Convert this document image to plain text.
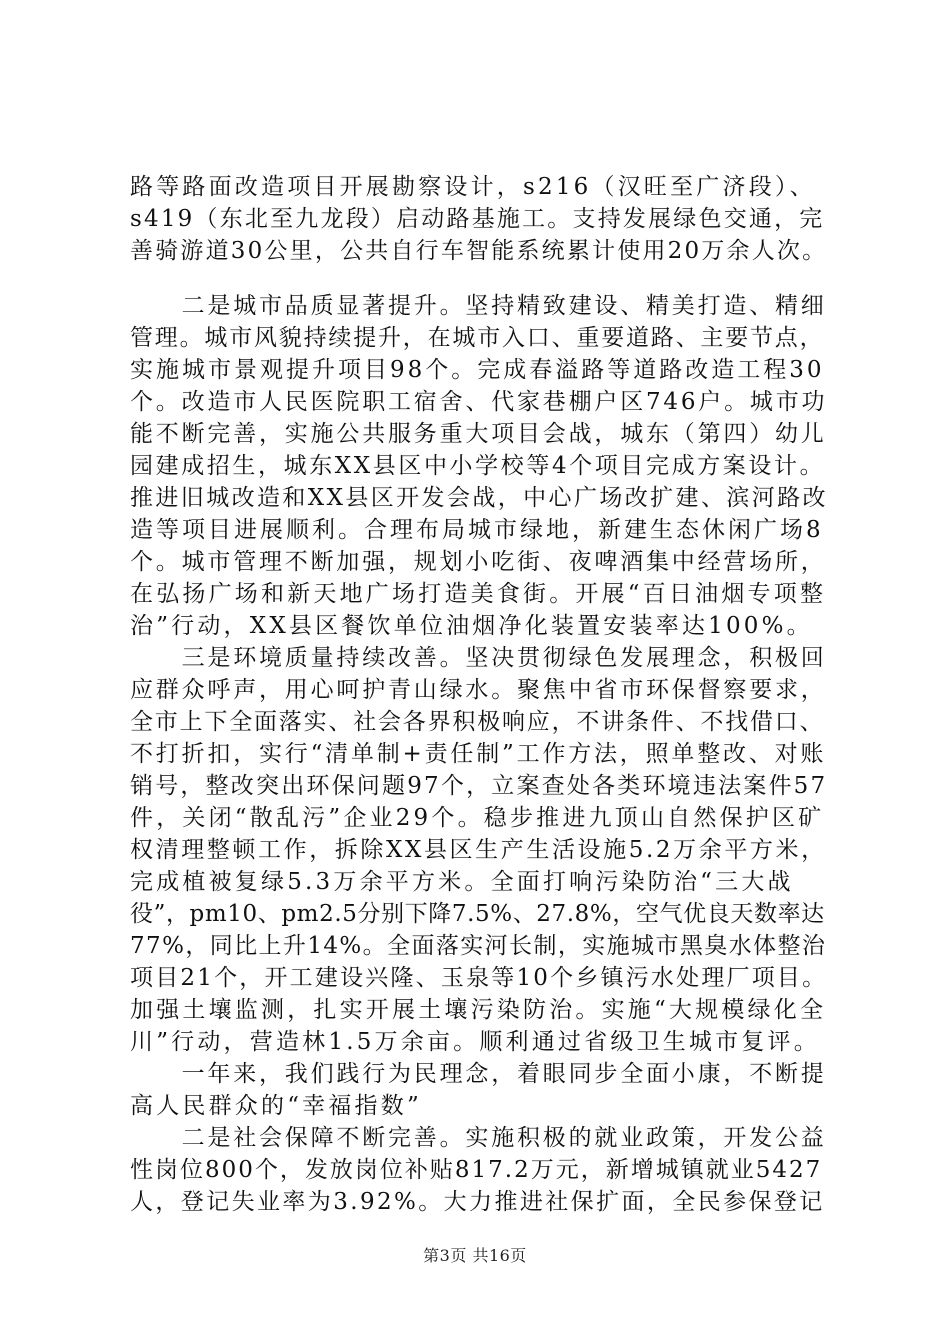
路等路面改造项目开展勘察设计，s216（汉旺至广济段）、
s419（东北至九龙段）启动路基施工。支持发展绿色交通，完
善骑游道30公里，公共自行车智能系统累计使用20万余人次。
　　二是城市品质显著提升。坚持精致建设、精美打造、精细
管理。城市风貌持续提升，在城市入口、重要道路、主要节点，
实施城市景观提升项目98个。完成春溢路等道路改造工程30
个。改造市人民医院职工宿舍、代家巷棚户区746户。城市功
能不断完善，实施公共服务重大项目会战，城东（第四）幼儿
园建成招生，城东XX县区中小学校等4个项目完成方案设计。
推进旧城改造和XX县区开发会战，中心广场改扩建、滨河路改
造等项目进展顺利。合理布局城市绿地，新建生态休闲广场8
个。城市管理不断加强，规划小吃街、夜啤酒集中经营场所，
在弘扬广场和新天地广场打造美食街。开展“百日油烟专项整
治”行动，XX县区餐饮单位油烟净化装置安装率达100%。
　　三是环境质量持续改善。坚决贯彻绿色发展理念，积极回
应群众呼声，用心呵护青山绿水。聚焦中省市环保督察要求，
全市上下全面落实、社会各界积极响应，不讲条件、不找借口、
不打折扣，实行“清单制+责任制”工作方法，照单整改、对账
销号，整改突出环保问题97个，立案查处各类环境违法案件57
件，关闭“散乱污”企业29个。稳步推进九顶山自然保护区矿
权清理整顿工作，拆除XX县区生产生活设施5.2万余平方米，
完成植被复绿5.3万余平方米。全面打响污染防治“三大战
役”，pm10、pm2.5分别下降7.5%、27.8%，空气优良天数率达
77%，同比上升14%。全面落实河长制，实施城市黑臭水体整治
项目21个，开工建设兴隆、玉泉等10个乡镇污水处理厂项目。
加强土壤监测，扎实开展土壤污染防治。实施“大规模绿化全
川”行动，营造林1.5万余亩。顺利通过省级卫生城市复评。
　　一年来，我们践行为民理念，着眼同步全面小康，不断提
高人民群众的“幸福指数”
　　二是社会保障不断完善。实施积极的就业政策，开发公益
性岗位800个，发放岗位补贴817.2万元，新增城镇就业5427
人，登记失业率为3.92%。大力推进社保扩面，全民参保登记
第3页 共16页
